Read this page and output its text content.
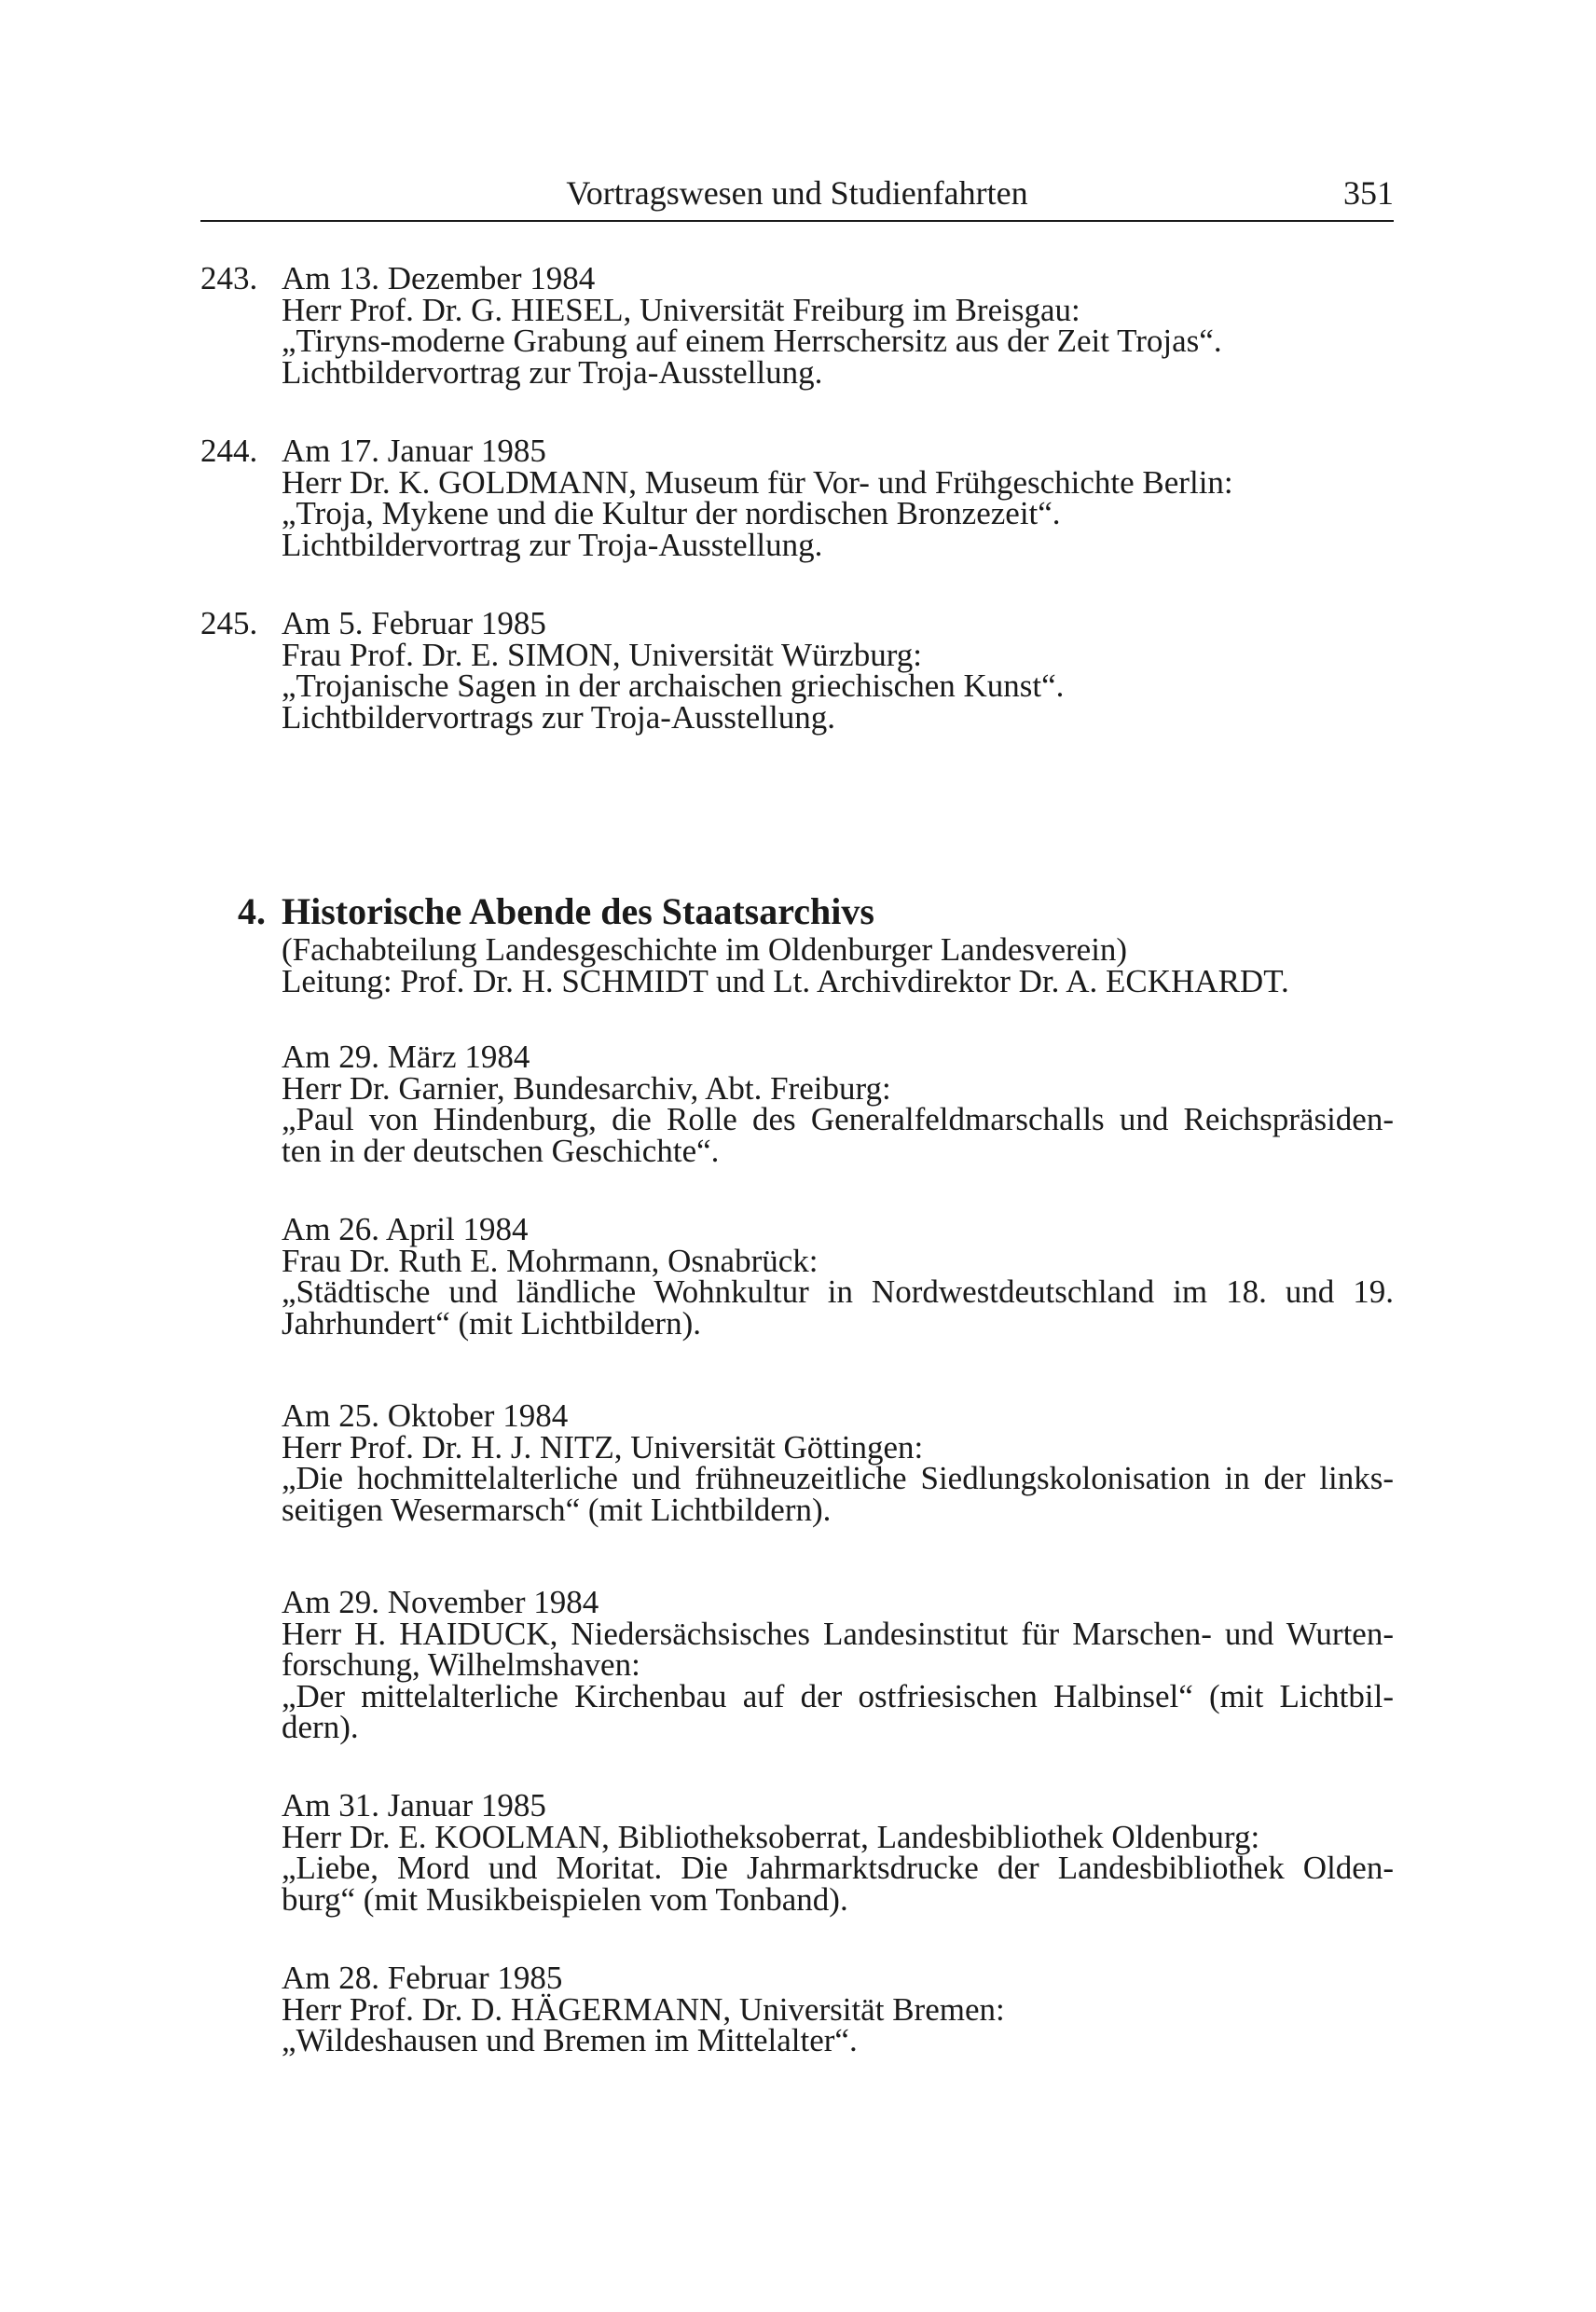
Vortragswesen und Studienfahrten	351
243. Am 13. Dezember 1984
Herr Prof. Dr. G. HIESEL, Universität Freiburg im Breisgau:
„Tiryns-moderne Grabung auf einem Herrschersitz aus der Zeit Trojas“.
Lichtbildervortrag zur Troja-Ausstellung.
244. Am 17. Januar 1985
Herr Dr. K. GOLDMANN, Museum für Vor- und Frühgeschichte Berlin:
„Troja, Mykene und die Kultur der nordischen Bronzezeit“.
Lichtbildervortrag zur Troja-Ausstellung.
245. Am 5. Februar 1985
Frau Prof. Dr. E. SIMON, Universität Würzburg:
„Trojanische Sagen in der archaischen griechischen Kunst“.
Lichtbildervortrags zur Troja-Ausstellung.
4. Historische Abende des Staatsarchivs
(Fachabteilung Landesgeschichte im Oldenburger Landesverein)
Leitung: Prof. Dr. H. SCHMIDT und Lt. Archivdirektor Dr. A. ECKHARDT.
Am 29. März 1984
Herr Dr. Garnier, Bundesarchiv, Abt. Freiburg:
„Paul von Hindenburg, die Rolle des Generalfeldmarschalls und Reichspräsiden-
ten in der deutschen Geschichte“.
Am 26. April 1984
Frau Dr. Ruth E. Mohrmann, Osnabrück:
„Städtische und ländliche Wohnkultur in Nordwestdeutschland im 18. und 19.
Jahrhundert“ (mit Lichtbildern).
Am 25. Oktober 1984
Herr Prof. Dr. H. J. NITZ, Universität Göttingen:
„Die hochmittelalterliche und frühneuzeitliche Siedlungskolonisation in der links-
seitigen Wesermarsch“ (mit Lichtbildern).
Am 29. November 1984
Herr H. HAIDUCK, Niedersächsisches Landesinstitut für Marschen- und Wurten-
forschung, Wilhelmshaven:
„Der mittelalterliche Kirchenbau auf der ostfriesischen Halbinsel“ (mit Lichtbil-
dern).
Am 31. Januar 1985
Herr Dr. E. KOOLMAN, Bibliotheksoberrat, Landesbibliothek Oldenburg:
„Liebe, Mord und Moritat. Die Jahrmarktsdrucke der Landesbibliothek Olden-
burg“ (mit Musikbeispielen vom Tonband).
Am 28. Februar 1985
Herr Prof. Dr. D. HÄGERMANN, Universität Bremen:
„Wildeshausen und Bremen im Mittelalter“.
